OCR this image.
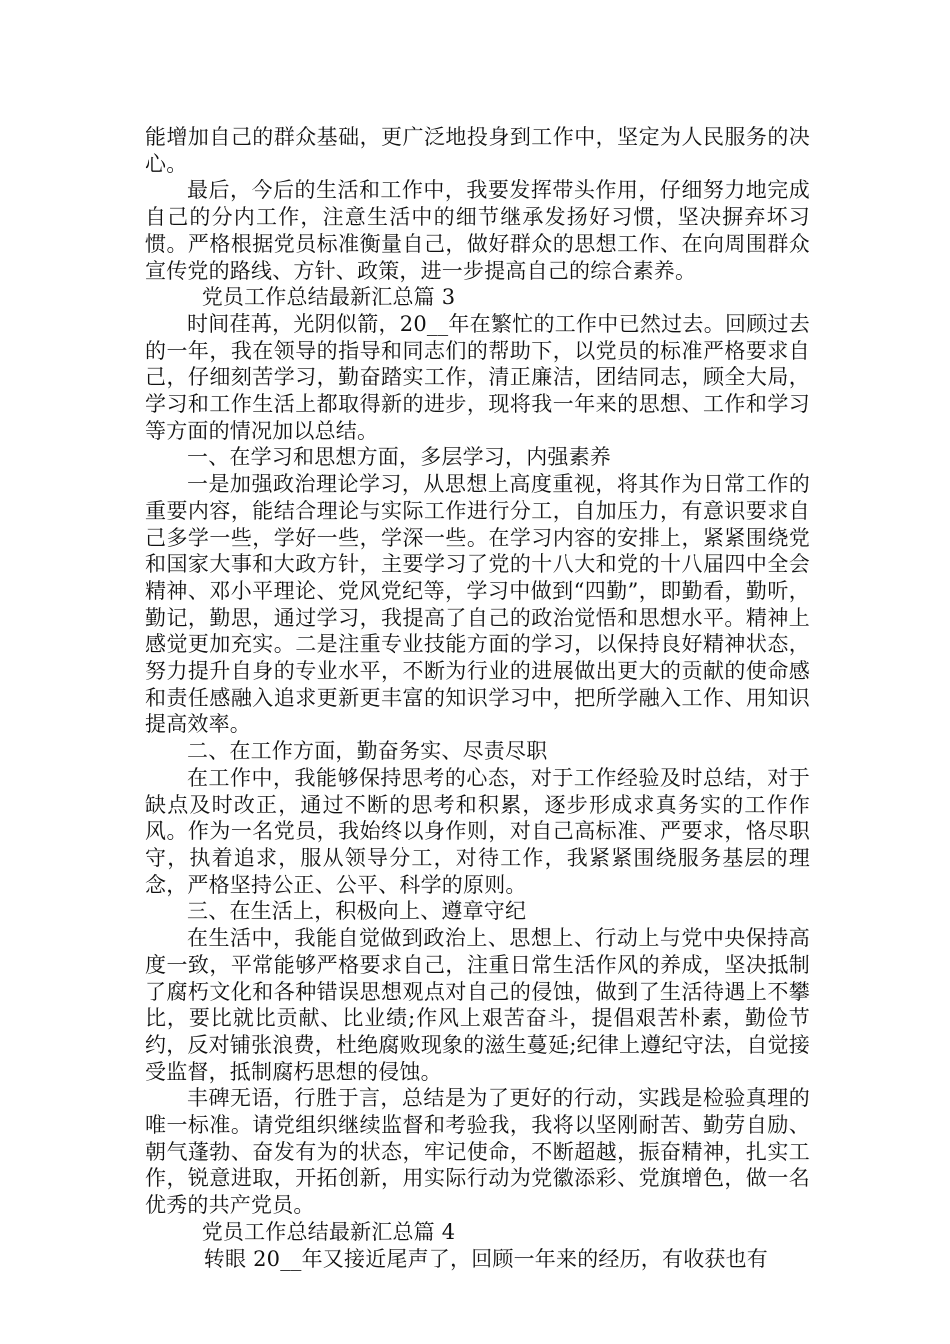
能增加自己的群众基础，更广泛地投身到工作中，坚定为人民服务的决心。

最后，今后的生活和工作中，我要发挥带头作用，仔细努力地完成自己的分内工作，注意生活中的细节继承发扬好习惯，坚决摒弃坏习惯。严格根据党员标准衡量自己，做好群众的思想工作、在向周围群众宣传党的路线、方针、政策，进一步提高自己的综合素养。

党员工作总结最新汇总篇 3

时间荏苒，光阴似箭，20__年在繁忙的工作中已然过去。回顾过去的一年，我在领导的指导和同志们的帮助下，以党员的标准严格要求自己，仔细刻苦学习，勤奋踏实工作，清正廉洁，团结同志，顾全大局，学习和工作生活上都取得新的进步，现将我一年来的思想、工作和学习等方面的情况加以总结。

一、在学习和思想方面，多层学习，内强素养

一是加强政治理论学习，从思想上高度重视，将其作为日常工作的重要内容，能结合理论与实际工作进行分工，自加压力，有意识要求自己多学一些，学好一些，学深一些。在学习内容的安排上，紧紧围绕党和国家大事和大政方针，主要学习了党的十八大和党的十八届四中全会精神、邓小平理论、党风党纪等，学习中做到“四勤”，即勤看，勤听，勤记，勤思，通过学习，我提高了自己的政治觉悟和思想水平。精神上感觉更加充实。二是注重专业技能方面的学习，以保持良好精神状态，努力提升自身的专业水平，不断为行业的进展做出更大的贡献的使命感和责任感融入追求更新更丰富的知识学习中，把所学融入工作、用知识提高效率。

二、在工作方面，勤奋务实、尽责尽职

在工作中，我能够保持思考的心态，对于工作经验及时总结，对于缺点及时改正，通过不断的思考和积累，逐步形成求真务实的工作作风。作为一名党员，我始终以身作则，对自己高标准、严要求，恪尽职守，执着追求，服从领导分工，对待工作，我紧紧围绕服务基层的理念，严格坚持公正、公平、科学的原则。

三、在生活上，积极向上、遵章守纪

在生活中，我能自觉做到政治上、思想上、行动上与党中央保持高度一致，平常能够严格要求自己，注重日常生活作风的养成，坚决抵制了腐朽文化和各种错误思想观点对自己的侵蚀，做到了生活待遇上不攀比，要比就比贡献、比业绩;作风上艰苦奋斗，提倡艰苦朴素，勤俭节约，反对铺张浪费，杜绝腐败现象的滋生蔓延;纪律上遵纪守法，自觉接受监督，抵制腐朽思想的侵蚀。

丰碑无语，行胜于言，总结是为了更好的行动，实践是检验真理的唯一标准。请党组织继续监督和考验我，我将以坚刚耐苦、勤劳自励、朝气蓬勃、奋发有为的状态，牢记使命，不断超越，振奋精神，扎实工作，锐意进取，开拓创新，用实际行动为党徽添彩、党旗增色，做一名优秀的共产党员。

党员工作总结最新汇总篇 4

转眼 20__年又接近尾声了，回顾一年来的经历，有收获也有
